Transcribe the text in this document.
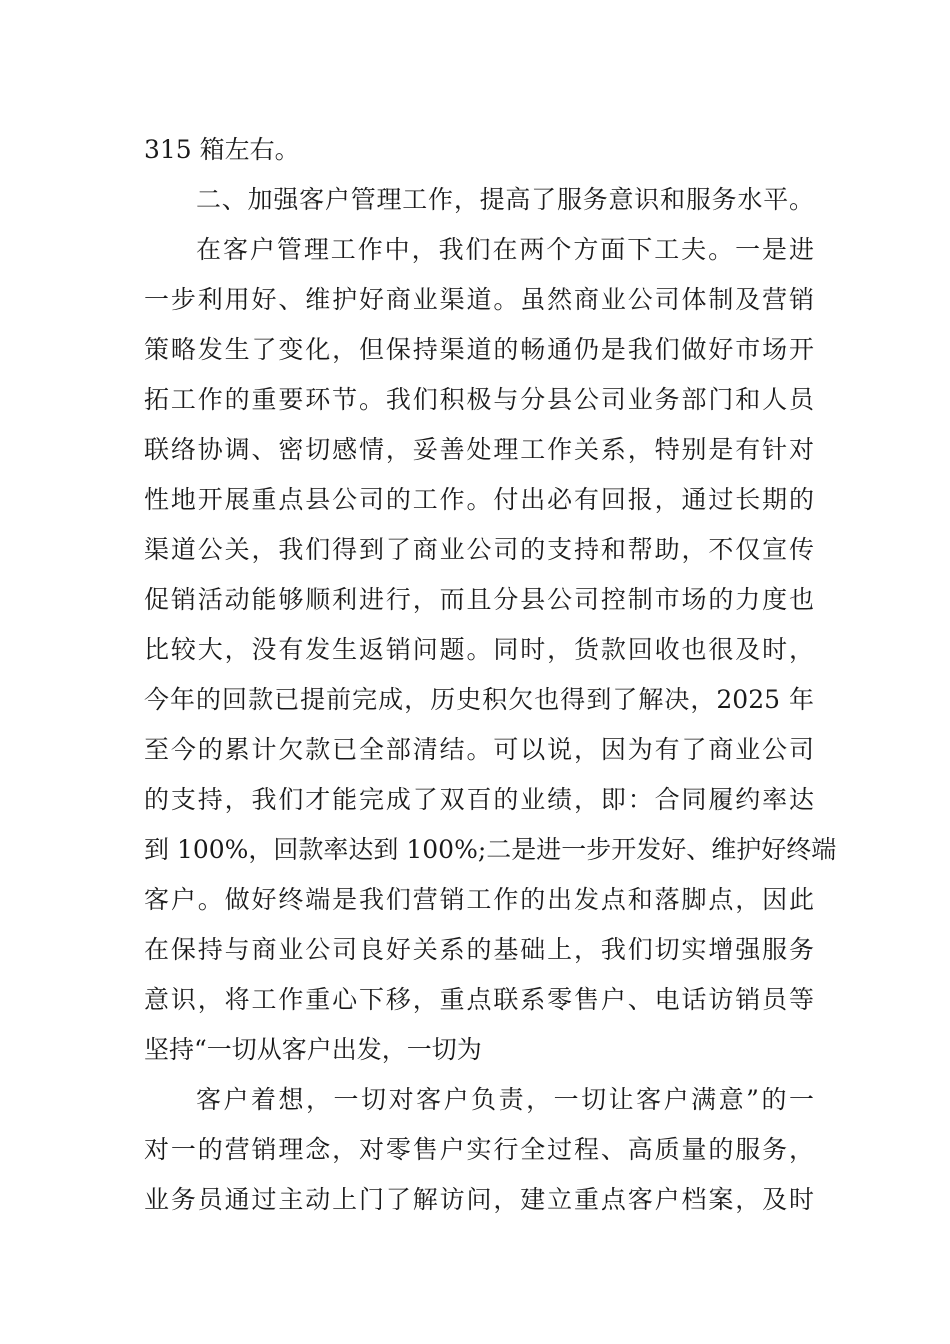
315 箱左右。
二、加强客户管理工作，提高了服务意识和服务水平。
在客户管理工作中，我们在两个方面下工夫。一是进
一步利用好、维护好商业渠道。虽然商业公司体制及营销
策略发生了变化，但保持渠道的畅通仍是我们做好市场开
拓工作的重要环节。我们积极与分县公司业务部门和人员
联络协调、密切感情，妥善处理工作关系，特别是有针对
性地开展重点县公司的工作。付出必有回报，通过长期的
渠道公关，我们得到了商业公司的支持和帮助，不仅宣传
促销活动能够顺利进行，而且分县公司控制市场的力度也
比较大，没有发生返销问题。同时，货款回收也很及时，
今年的回款已提前完成，历史积欠也得到了解决，2025 年
至今的累计欠款已全部清结。可以说，因为有了商业公司
的支持，我们才能完成了双百的业绩，即：合同履约率达
到 100%，回款率达到 100%;二是进一步开发好、维护好终端
客户。做好终端是我们营销工作的出发点和落脚点，因此
在保持与商业公司良好关系的基础上，我们切实增强服务
意识，将工作重心下移，重点联系零售户、电话访销员等
坚持“一切从客户出发，一切为
客户着想，一切对客户负责，一切让客户满意”的一
对一的营销理念，对零售户实行全过程、高质量的服务，
业务员通过主动上门了解访问，建立重点客户档案，及时
